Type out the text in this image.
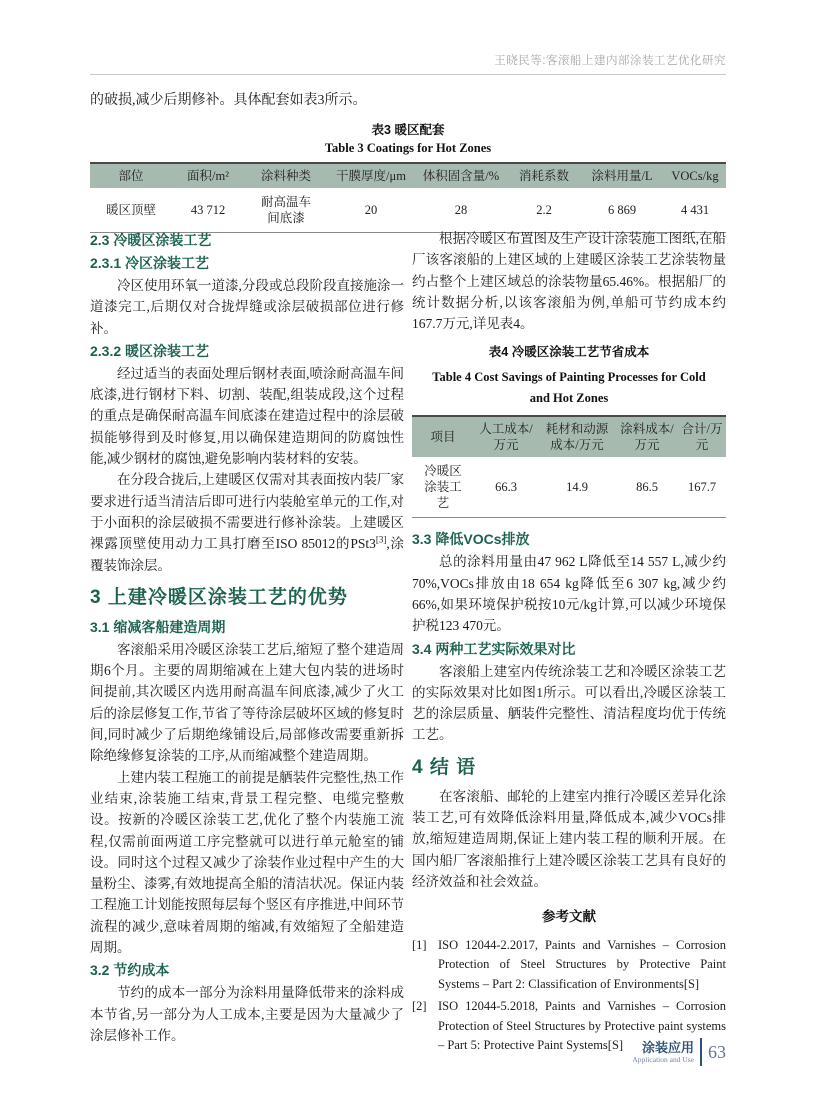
王晓民等:客滚船上建内部涂装工艺优化研究

的破损,减少后期修补。具体配套如表3所示。

表3 暖区配套
Table 3 Coatings for Hot Zones
部位	面积/m²	涂料种类	干膜厚度/μm	体积固含量/%	消耗系数	涂料用量/L	VOCs/kg
暖区顶壁	43 712	耐高温车间底漆	20	28	2.2	6 869	4 431
2.3 冷暖区涂装工艺
2.3.1 冷区涂装工艺

冷区使用环氧一道漆,分段或总段阶段直接施涂一道漆完工,后期仅对合拢焊缝或涂层破损部位进行修补。

2.3.2 暖区涂装工艺

经过适当的表面处理后钢材表面,喷涂耐高温车间底漆,进行钢材下料、切割、装配,组装成段,这个过程的重点是确保耐高温车间底漆在建造过程中的涂层破损能够得到及时修复,用以确保建造期间的防腐蚀性能,减少钢材的腐蚀,避免影响内装材料的安装。

在分段合拢后,上建暖区仅需对其表面按内装厂家要求进行适当清洁后即可进行内装舱室单元的工作,对于小面积的涂层破损不需要进行修补涂装。上建暖区裸露顶壁使用动力工具打磨至ISO 85012的PSt3[3],涂覆装饰涂层。

3 上建冷暖区涂装工艺的优势
3.1 缩减客船建造周期

客滚船采用冷暖区涂装工艺后,缩短了整个建造周期6个月。主要的周期缩减在上建大包内装的进场时间提前,其次暖区内选用耐高温车间底漆,减少了火工后的涂层修复工作,节省了等待涂层破坏区域的修复时间,同时减少了后期绝缘铺设后,局部修改需要重新拆除绝缘修复涂装的工序,从而缩减整个建造周期。

上建内装工程施工的前提是舾装件完整性,热工作业结束,涂装施工结束,背景工程完整、电缆完整敷设。按新的冷暖区涂装工艺,优化了整个内装施工流程,仅需前面两道工序完整就可以进行单元舱室的铺设。同时这个过程又减少了涂装作业过程中产生的大量粉尘、漆雾,有效地提高全船的清洁状况。保证内装工程施工计划能按照每层每个竖区有序推进,中间环节流程的减少,意味着周期的缩减,有效缩短了全船建造周期。

3.2 节约成本

节约的成本一部分为涂料用量降低带来的涂料成本节省,另一部分为人工成本,主要是因为大量减少了涂层修补工作。

根据冷暖区布置图及生产设计涂装施工图纸,在船厂该客滚船的上建区域的上建暖区涂装工艺涂装物量约占整个上建区域总的涂装物量65.46%。根据船厂的统计数据分析,以该客滚船为例,单船可节约成本约167.7万元,详见表4。

表4 冷暖区涂装工艺节省成本
Table 4 Cost Savings of Painting Processes for Cold and Hot Zones
项目	人工成本/万元	耗材和动源成本/万元	涂料成本/万元	合计/万元
冷暖区涂装工艺	66.3	14.9	86.5	167.7
3.3 降低VOCs排放

总的涂料用量由47 962 L降低至14 557 L,减少约70%,VOCs排放由18 654 kg降低至6 307 kg,减少约66%,如果环境保护税按10元/kg计算,可以减少环境保护税123 470元。

3.4 两种工艺实际效果对比

客滚船上建室内传统涂装工艺和冷暖区涂装工艺的实际效果对比如图1所示。可以看出,冷暖区涂装工艺的涂层质量、舾装件完整性、清洁程度均优于传统工艺。

4 结 语

在客滚船、邮轮的上建室内推行冷暖区差异化涂装工艺,可有效降低涂料用量,降低成本,减少VOCs排放,缩短建造周期,保证上建内装工程的顺利开展。在国内船厂客滚船推行上建冷暖区涂装工艺具有良好的经济效益和社会效益。

参考文献
[1] ISO 12044-2.2017, Paints and Varnishes – Corrosion Protection of Steel Structures by Protective Paint Systems – Part 2: Classification of Environments[S]
[2] ISO 12044-5.2018, Paints and Varnishes – Corrosion Protection of Steel Structures by Protective paint systems – Part 5: Protective Paint Systems[S]	涂装应用
Application and Use 63
